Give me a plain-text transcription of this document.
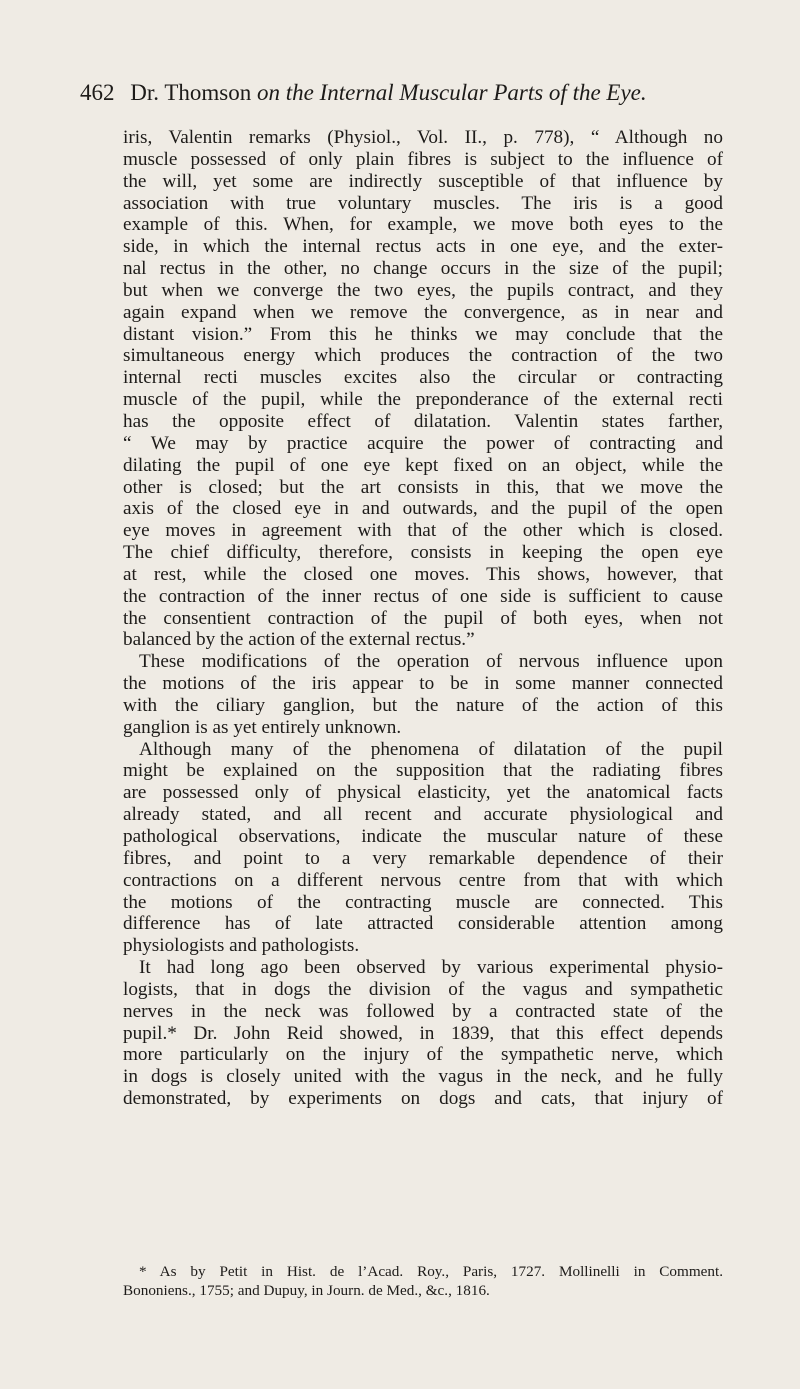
462 Dr. Thomson on the Internal Muscular Parts of the Eye.
iris, Valentin remarks (Physiol., Vol. II., p. 778), “ Although no
muscle possessed of only plain fibres is subject to the influence of
the will, yet some are indirectly susceptible of that influence by
association with true voluntary muscles. The iris is a good
example of this. When, for example, we move both eyes to the
side, in which the internal rectus acts in one eye, and the exter-
nal rectus in the other, no change occurs in the size of the pupil;
but when we converge the two eyes, the pupils contract, and they
again expand when we remove the convergence, as in near and
distant vision.” From this he thinks we may conclude that the
simultaneous energy which produces the contraction of the two
internal recti muscles excites also the circular or contracting
muscle of the pupil, while the preponderance of the external recti
has the opposite effect of dilatation. Valentin states farther,
“ We may by practice acquire the power of contracting and
dilating the pupil of one eye kept fixed on an object, while the
other is closed; but the art consists in this, that we move the
axis of the closed eye in and outwards, and the pupil of the open
eye moves in agreement with that of the other which is closed.
The chief difficulty, therefore, consists in keeping the open eye
at rest, while the closed one moves. This shows, however, that
the contraction of the inner rectus of one side is sufficient to cause
the consentient contraction of the pupil of both eyes, when not
balanced by the action of the external rectus.”
These modifications of the operation of nervous influence upon
the motions of the iris appear to be in some manner connected
with the ciliary ganglion, but the nature of the action of this
ganglion is as yet entirely unknown.
Although many of the phenomena of dilatation of the pupil
might be explained on the supposition that the radiating fibres
are possessed only of physical elasticity, yet the anatomical facts
already stated, and all recent and accurate physiological and
pathological observations, indicate the muscular nature of these
fibres, and point to a very remarkable dependence of their
contractions on a different nervous centre from that with which
the motions of the contracting muscle are connected. This
difference has of late attracted considerable attention among
physiologists and pathologists.
It had long ago been observed by various experimental physio-
logists, that in dogs the division of the vagus and sympathetic
nerves in the neck was followed by a contracted state of the
pupil.* Dr. John Reid showed, in 1839, that this effect depends
more particularly on the injury of the sympathetic nerve, which
in dogs is closely united with the vagus in the neck, and he fully
demonstrated, by experiments on dogs and cats, that injury of
* As by Petit in Hist. de l’Acad. Roy., Paris, 1727. Mollinelli in Comment.
Bononiens., 1755; and Dupuy, in Journ. de Med., &c., 1816.
